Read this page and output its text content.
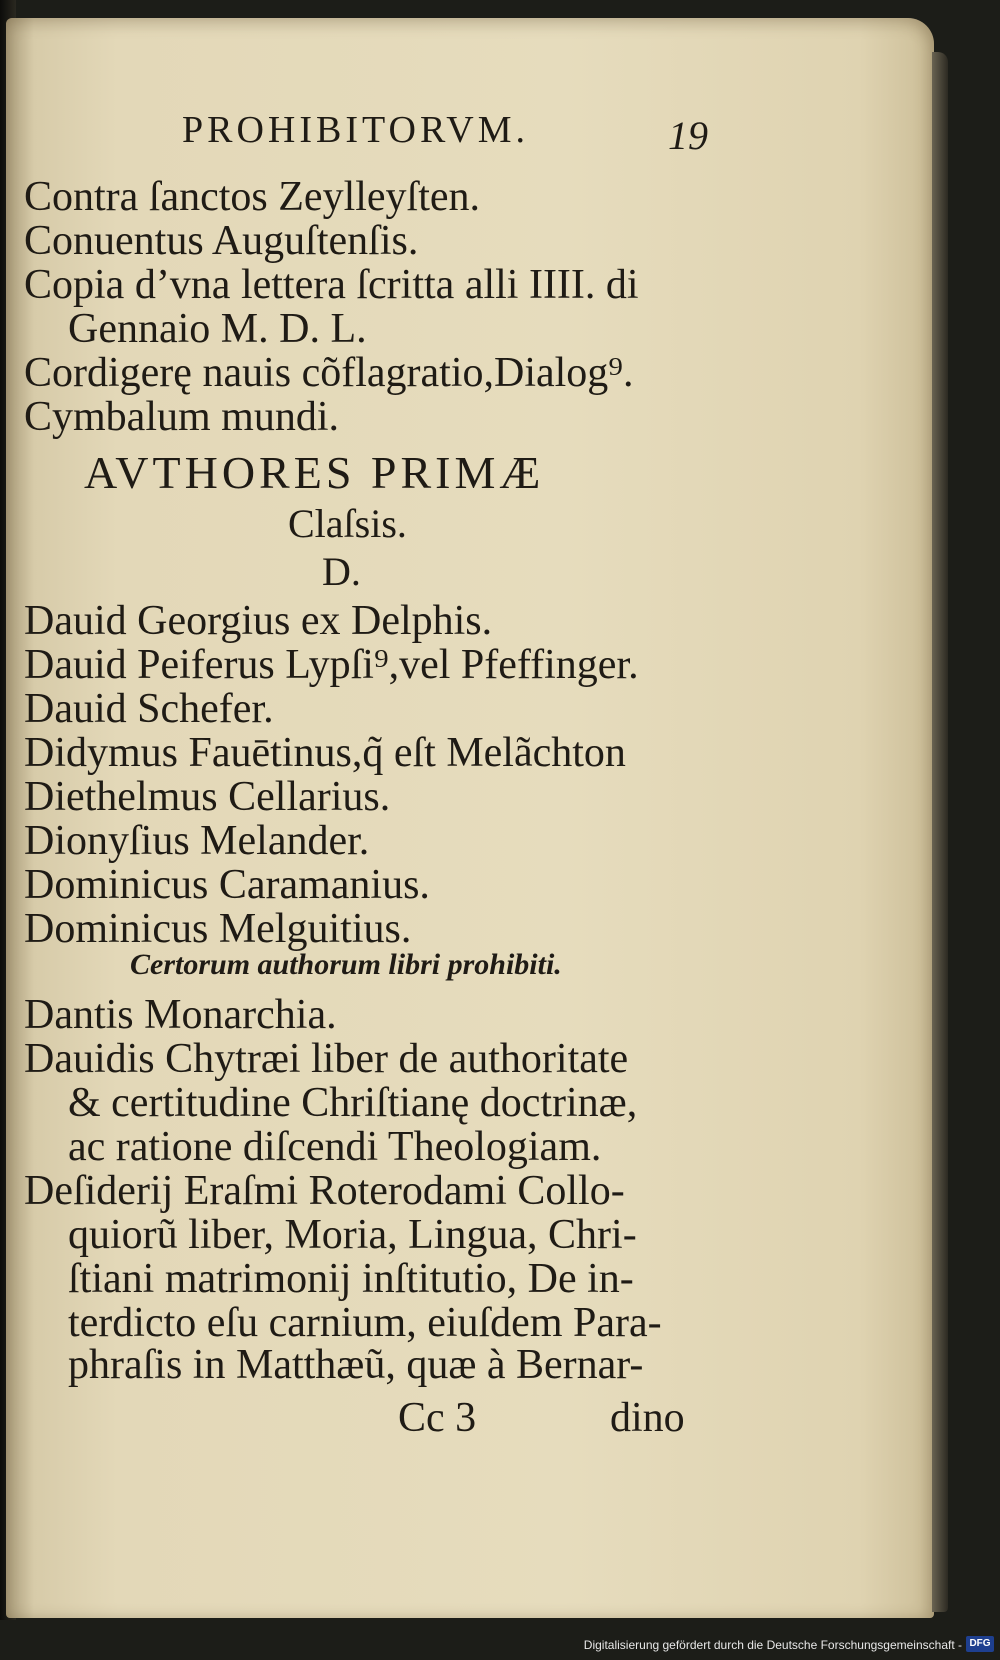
PROHIBITORVM.	19
Contra ſanctos Zeylleyſten.
Conuentus Auguſtenſis.
Copia d’vna lettera ſcritta alli IIII. di
Gennaio M. D. L.
Cordigerę nauis cõflagratio,Dialog⁹.
Cymbalum mundi.
AVTHORES PRIMÆ
Claſsis.
D.
Dauid Georgius ex Delphis.
Dauid Peiferus Lypſi⁹,vel Pfeffinger.
Dauid Schefer.
Didymus Fauētinus,q̃ eſt Melãchton
Diethelmus Cellarius.
Dionyſius Melander.
Dominicus Caramanius.
Dominicus Melguitius.
Certorum authorum libri prohibiti.
Dantis Monarchia.
Dauidis Chytræi liber de authoritate
& certitudine Chriſtianę doctrinæ,
ac ratione diſcendi Theologiam.
Deſiderij Eraſmi Roterodami Collo-
quiorũ liber, Moria, Lingua, Chri-
ſtiani matrimonij inſtitutio, De in-
terdicto eſu carnium, eiuſdem Para-
phraſis in Matthæũ, quæ à Bernar-
Cc 3	dino
Digitalisierung gefördert durch die Deutsche Forschungsgemeinschaft - DFG
